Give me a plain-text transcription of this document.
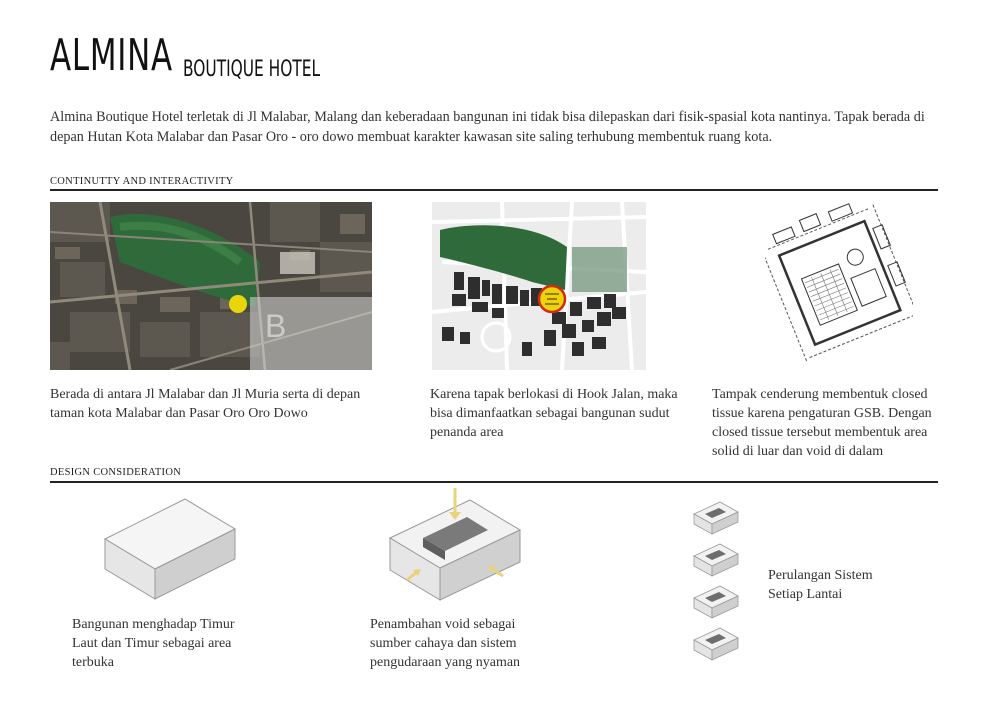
ALMINA BOUTIQUE HOTEL
Almina Boutique Hotel terletak di Jl Malabar, Malang dan keberadaan bangunan ini tidak bisa dilepaskan dari fisik-spasial kota nantinya. Tapak berada di depan Hutan Kota Malabar dan Pasar Oro - oro dowo membuat karakter kawasan site saling terhubung membentuk ruang kota.
CONTINUTTY AND INTERACTIVITY
B
Berada di antara Jl Malabar dan Jl Muria serta di depan taman kota Malabar dan Pasar Oro Oro Dowo
Karena tapak berlokasi di Hook Jalan, maka bisa dimanfaatkan sebagai bangunan sudut penanda area
Tampak cenderung membentuk closed tissue karena pengaturan GSB. Dengan closed tissue tersebut membentuk area solid di luar dan void di dalam
DESIGN CONSIDERATION
Bangunan menghadap Timur Laut dan Timur sebagai area terbuka
Penambahan void sebagai sumber cahaya dan sistem pengudaraan yang nyaman
Perulangan Sistem Setiap Lantai
